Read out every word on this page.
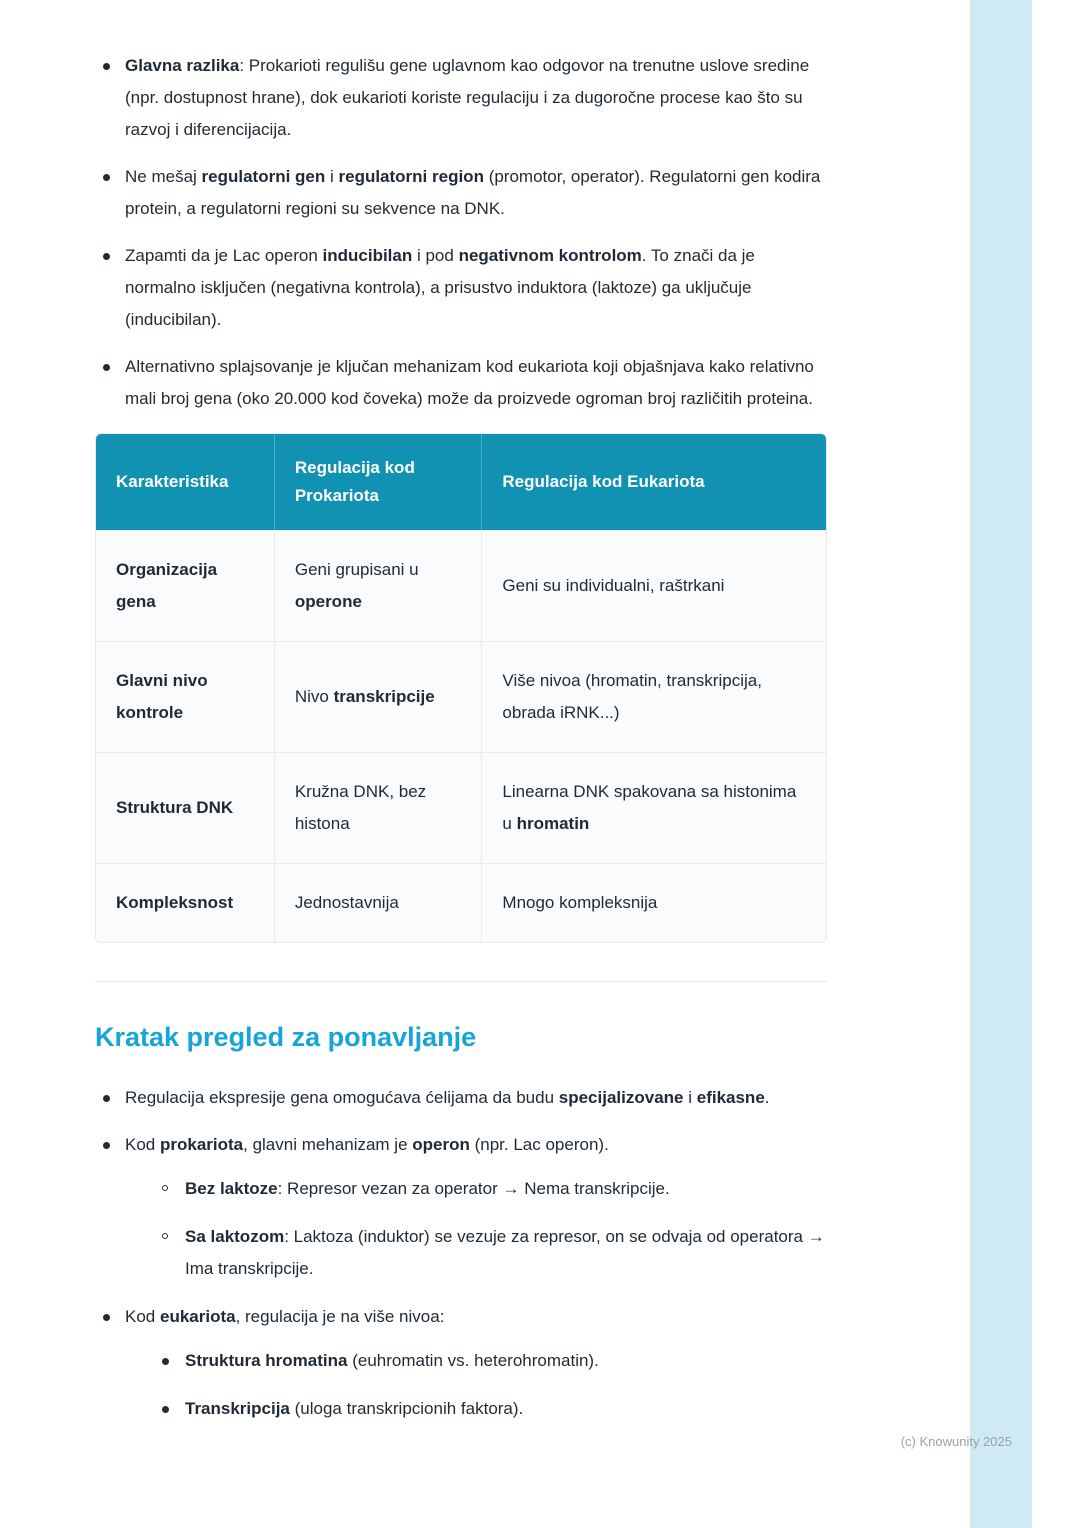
Glavna razlika: Prokarioti regulišu gene uglavnom kao odgovor na trenutne uslove sredine (npr. dostupnost hrane), dok eukarioti koriste regulaciju i za dugoročne procese kao što su razvoj i diferencijacija.
Ne mešaj regulatorni gen i regulatorni region (promotor, operator). Regulatorni gen kodira protein, a regulatorni regioni su sekvence na DNK.
Zapamti da je Lac operon inducibilan i pod negativnom kontrolom. To znači da je normalno isključen (negativna kontrola), a prisustvo induktora (laktoze) ga uključuje (inducibilan).
Alternativno splajsovanje je ključan mehanizam kod eukariota koji objašnjava kako relativno mali broj gena (oko 20.000 kod čoveka) može da proizvede ogroman broj različitih proteina.
Karakteristika	Regulacija kod Prokariota	Regulacija kod Eukariota
Organizacija gena	Geni grupisani u operone	Geni su individualni, raštrkani
Glavni nivo kontrole	Nivo transkripcije	Više nivoa (hromatin, transkripcija, obrada iRNK...)
Struktura DNK	Kružna DNK, bez histona	Linearna DNK spakovana sa histonima u hromatin
Kompleksnost	Jednostavnija	Mnogo kompleksnija
Kratak pregled za ponavljanje
Regulacija ekspresije gena omogućava ćelijama da budu specijalizovane i efikasne.
Kod prokariota, glavni mehanizam je operon (npr. Lac operon).
Bez laktoze: Represor vezan za operator → Nema transkripcije.
Sa laktozom: Laktoza (induktor) se vezuje za represor, on se odvaja od operatora → Ima transkripcije.
Kod eukariota, regulacija je na više nivoa:
Struktura hromatina (euhromatin vs. heterohromatin).
Transkripcija (uloga transkripcionih faktora).
(c) Knowunity 2025
